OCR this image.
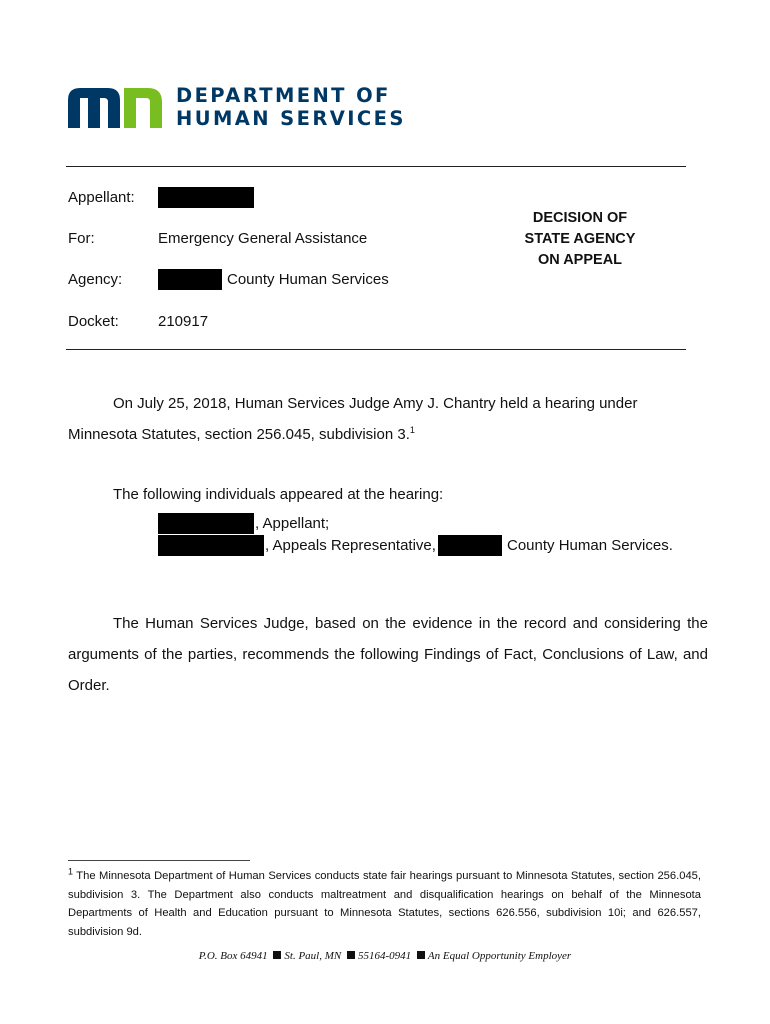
DEPARTMENT OF
HUMAN SERVICES
Appellant:
For:	Emergency General Assistance
Agency:	County Human Services
Docket:	210917
DECISION OF
STATE AGENCY
ON APPEAL
On July 25, 2018, Human Services Judge Amy J. Chantry held a hearing under Minnesota Statutes, section 256.045, subdivision 3.$^1$
The following individuals appeared at the hearing:
, Appellant;
, Appeals Representative,	County Human Services.
The Human Services Judge, based on the evidence in the record and considering the arguments of the parties, recommends the following Findings of Fact, Conclusions of Law, and Order.
$^1$ The Minnesota Department of Human Services conducts state fair hearings pursuant to Minnesota Statutes, section 256.045, subdivision 3. The Department also conducts maltreatment and disqualification hearings on behalf of the Minnesota Departments of Health and Education pursuant to Minnesota Statutes, sections 626.556, subdivision 10i; and 626.557, subdivision 9d.
P.O. Box 64941 St. Paul, MN 55164-0941 An Equal Opportunity Employer
